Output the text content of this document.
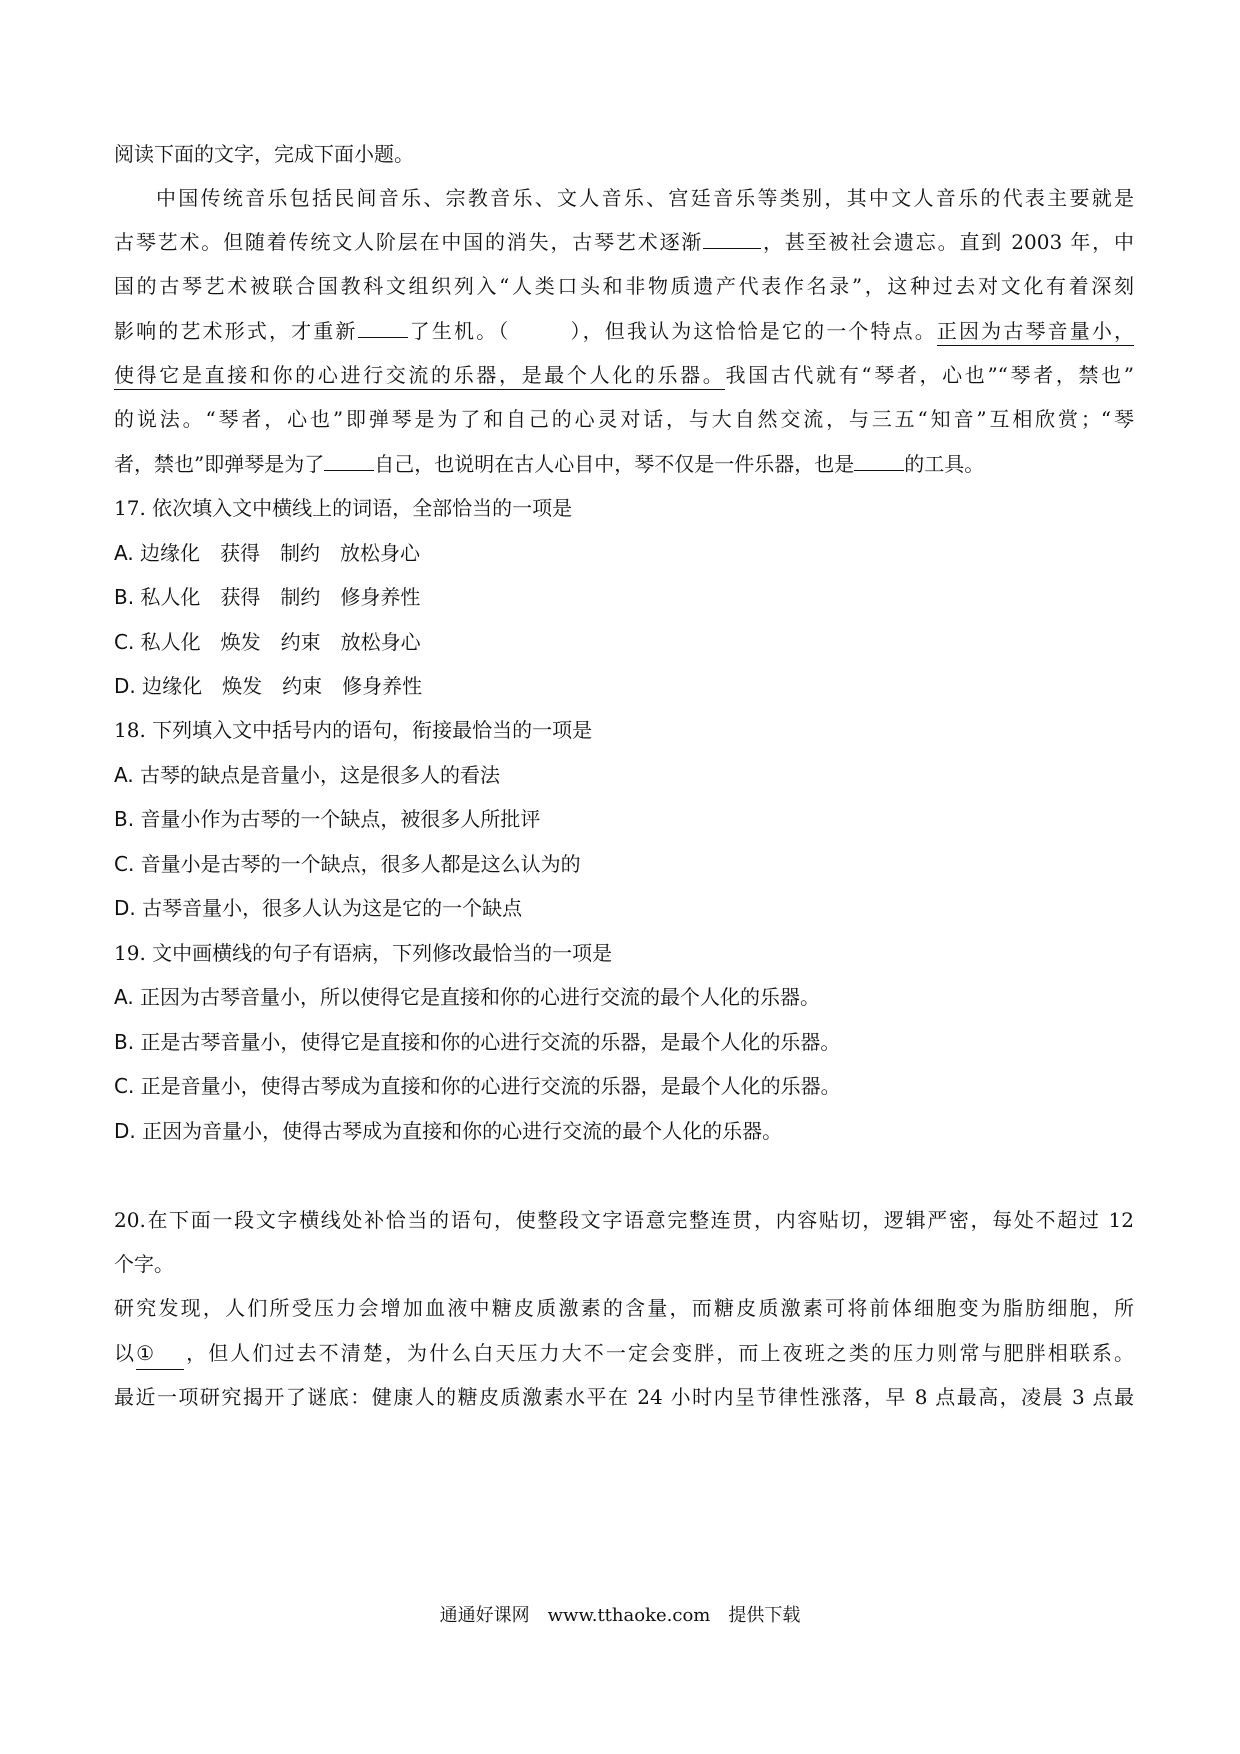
阅读下面的文字，完成下面小题。
中国传统音乐包括民间音乐、宗教音乐、文人音乐、宫廷音乐等类别，其中文人音乐的代表主要就是
古琴艺术。但随着传统文人阶层在中国的消失，古琴艺术逐渐	，甚至被社会遗忘。直到 2003 年，中
国的古琴艺术被联合国教科文组织列入“人类口头和非物质遗产代表作名录”，这种过去对文化有着深刻
影响的艺术形式，才重新	了生机。（	），但我认为这恰恰是它的一个特点。正因为古琴音量小，
使得它是直接和你的心进行交流的乐器，是最个人化的乐器。我国古代就有“琴者，心也”“琴者，禁也”
的说法。“琴者，心也”即弹琴是为了和自己的心灵对话，与大自然交流，与三五“知音”互相欣赏；“琴
者，禁也”即弹琴是为了	自己，也说明在古人心目中，琴不仅是一件乐器，也是	的工具。
17. 依次填入文中横线上的词语，全部恰当的一项是
A. 边缘化　获得　制约　放松身心
B. 私人化　获得　制约　修身养性
C. 私人化　焕发　约束　放松身心
D. 边缘化　焕发　约束　修身养性
18. 下列填入文中括号内的语句，衔接最恰当的一项是
A. 古琴的缺点是音量小，这是很多人的看法
B. 音量小作为古琴的一个缺点，被很多人所批评
C. 音量小是古琴的一个缺点，很多人都是这么认为的
D. 古琴音量小，很多人认为这是它的一个缺点
19. 文中画横线的句子有语病，下列修改最恰当的一项是
A. 正因为古琴音量小，所以使得它是直接和你的心进行交流的最个人化的乐器。
B. 正是古琴音量小，使得它是直接和你的心进行交流的乐器，是最个人化的乐器。
C. 正是音量小，使得古琴成为直接和你的心进行交流的乐器，是最个人化的乐器。
D. 正因为音量小，使得古琴成为直接和你的心进行交流的最个人化的乐器。
20.在下面一段文字横线处补恰当的语句，使整段文字语意完整连贯，内容贴切，逻辑严密，每处不超过 12
个字。
研究发现，人们所受压力会增加血液中糖皮质激素的含量，而糖皮质激素可将前体细胞变为脂肪细胞，所
以① ，但人们过去不清楚，为什么白天压力大不一定会变胖，而上夜班之类的压力则常与肥胖相联系。
最近一项研究揭开了谜底：健康人的糖皮质激素水平在 24 小时内呈节律性涨落，早 8 点最高，凌晨 3 点最
通通好课网　www.tthaoke.com　提供下载
